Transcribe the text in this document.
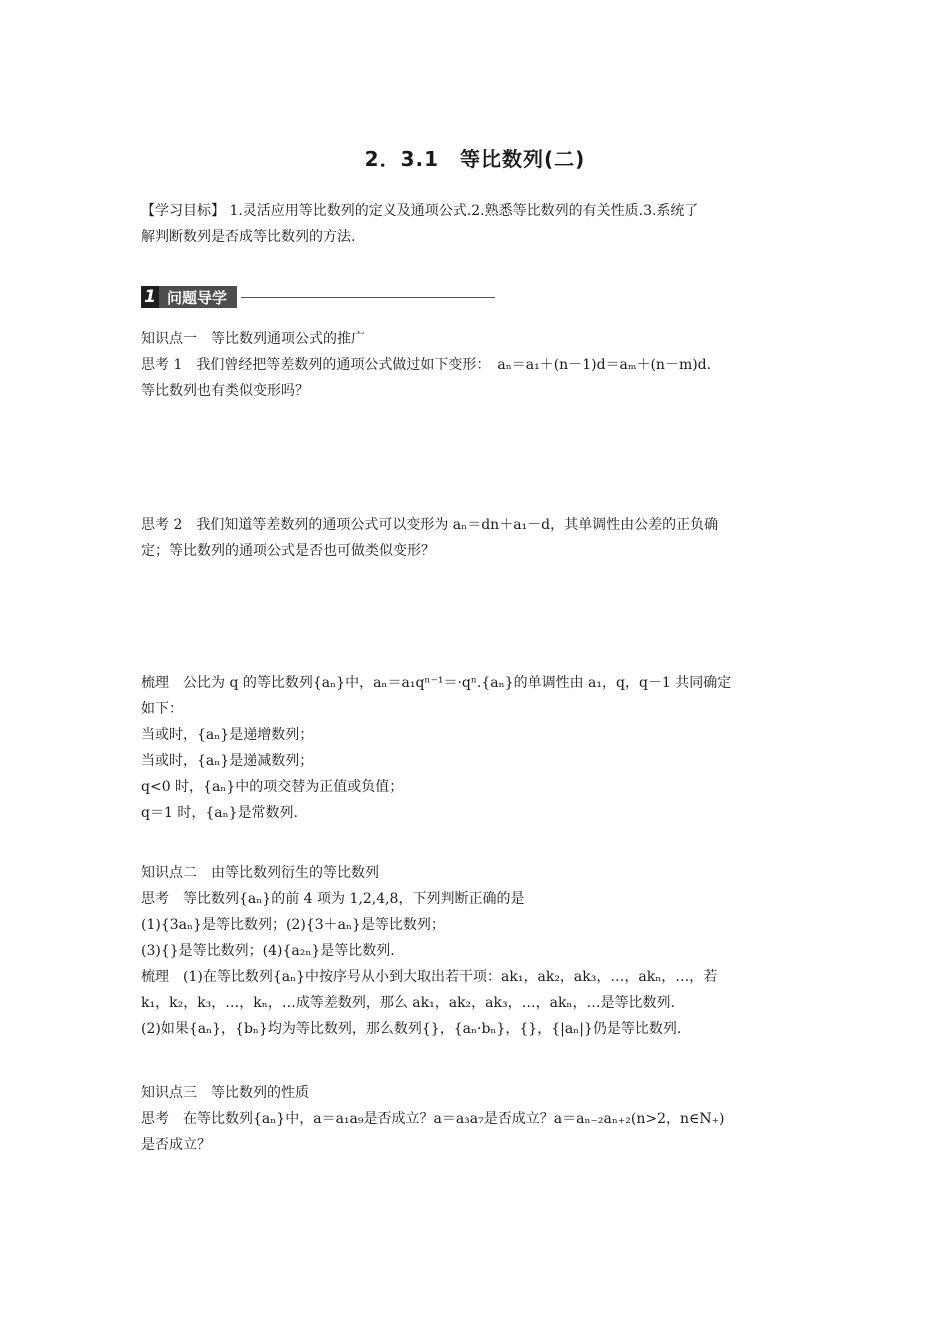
2．3.1　等比数列(二)
【学习目标】 1.灵活应用等比数列的定义及通项公式.2.熟悉等比数列的有关性质.3.系统了
解判断数列是否成等比数列的方法.
1 问题导学
知识点一　等比数列通项公式的推广
思考 1　我们曾经把等差数列的通项公式做过如下变形：　aₙ＝a₁＋(n－1)d＝aₘ＋(n－m)d.
等比数列也有类似变形吗？
思考 2　我们知道等差数列的通项公式可以变形为 aₙ＝dn＋a₁－d，其单调性由公差的正负确
定；等比数列的通项公式是否也可做类似变形？
梳理　公比为 q 的等比数列{aₙ}中，aₙ＝a₁qⁿ⁻¹＝·qⁿ.{aₙ}的单调性由 a₁，q，q－1 共同确定
如下：
当或时，{aₙ}是递增数列；
当或时，{aₙ}是递减数列；
q<0 时，{aₙ}中的项交替为正值或负值；
q＝1 时，{aₙ}是常数列.
知识点二　由等比数列衍生的等比数列
思考　等比数列{aₙ}的前 4 项为 1,2,4,8，下列判断正确的是
(1){3aₙ}是等比数列；(2){3＋aₙ}是等比数列；
(3){}是等比数列；(4){a₂ₙ}是等比数列.
梳理　(1)在等比数列{aₙ}中按序号从小到大取出若干项：ak₁，ak₂，ak₃，…，akₙ，…，若
k₁，k₂，k₃，…，kₙ，…成等差数列，那么 ak₁，ak₂，ak₃，…，akₙ，…是等比数列.
(2)如果{aₙ}，{bₙ}均为等比数列，那么数列{}，{aₙ·bₙ}，{}，{|aₙ|}仍是等比数列.
知识点三　等比数列的性质
思考　在等比数列{aₙ}中，a＝a₁a₉是否成立？a＝a₃a₇是否成立？a＝aₙ₋₂aₙ₊₂(n>2，n∈N₊)
是否成立？
